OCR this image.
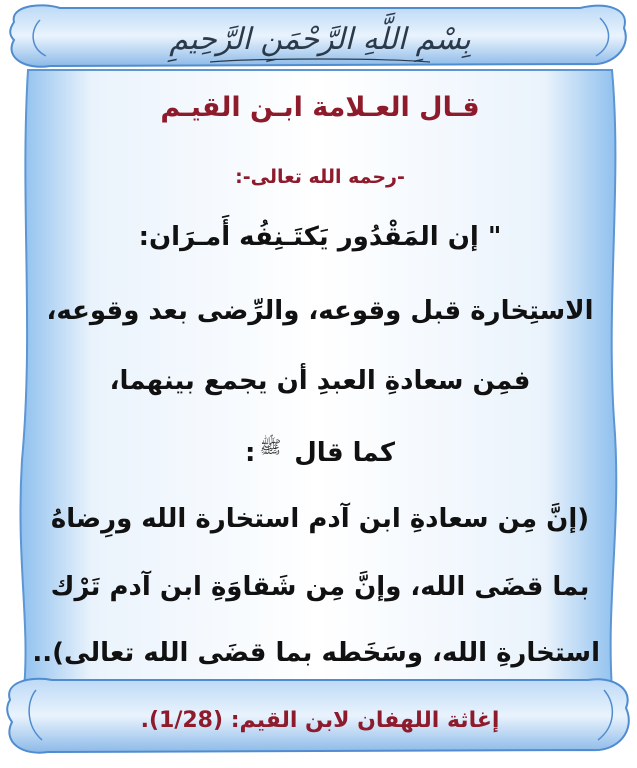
بِسْمِ اللَّهِ الرَّحْمَنِ الرَّحِيمِ
قـال العـلامة ابـن القيـم
-رحمه الله تعالى-:
" إن المَقْدُور يَكتَـنِفُه أَمـرَان:
الاستِخارة قبل وقوعه، والرِّضى بعد وقوعه،
فمِن سعادةِ العبدِ أن يجمع بينهما،
كما قال $^ﷺ$:
(إنَّ مِن سعادةِ ابن آدم استخارة الله ورِضاهُ
بما قضَى الله، وإنَّ مِن شَقاوَةِ ابن آدم تَرْك
استخارةِ الله، وسَخَطه بما قضَى الله تعالى)..
إغاثة اللهفان لابن القيم: (1/28).
